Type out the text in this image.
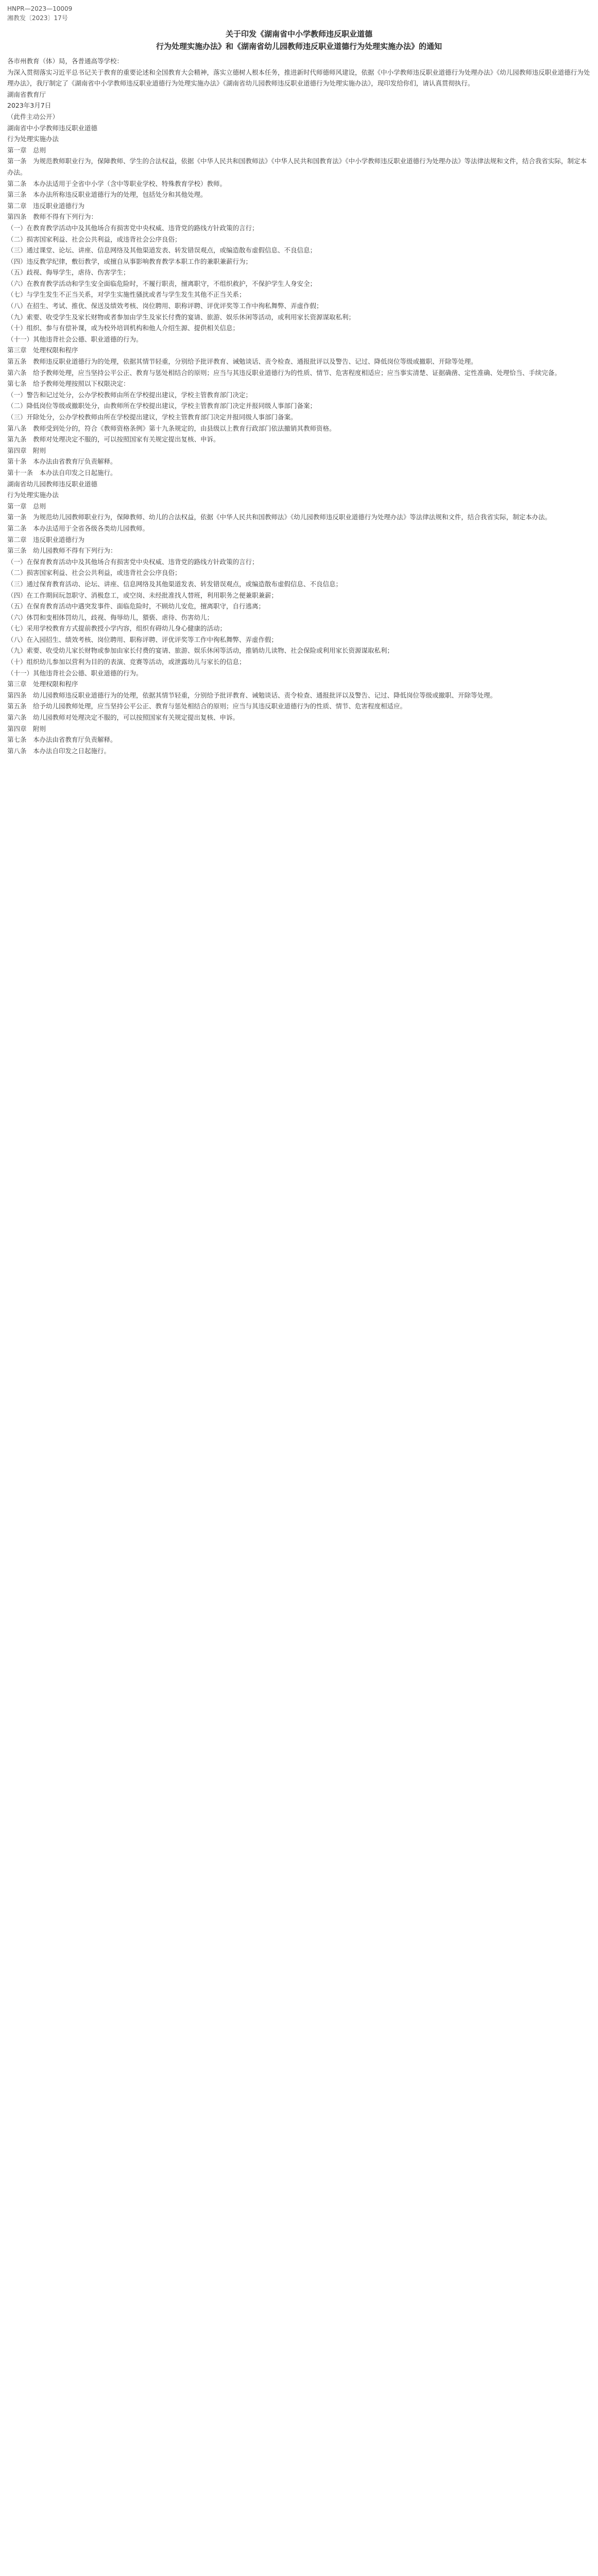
HNPR—2023—10009
湘教发〔2023〕17号
关于印发《湖南省中小学教师违反职业道德
行为处理实施办法》和《湖南省幼儿园教师违反职业道德行为处理实施办法》的通知
各市州教育（体）局，各普通高等学校：
为深入贯彻落实习近平总书记关于教育的重要论述和全国教育大会精神，落实立德树人根本任务，推进新时代师德师风建设，依据《中小学教师违反职业道德行为处理办法》《幼儿园教师违反职业道德行为处理办法》，我厅制定了《湖南省中小学教师违反职业道德行为处理实施办法》《湖南省幼儿园教师违反职业道德行为处理实施办法》，现印发给你们，请认真贯彻执行。
湖南省教育厅
2023年3月7日
（此件主动公开）
湖南省中小学教师违反职业道德
行为处理实施办法
第一章　总则
第一条　为规范教师职业行为，保障教师、学生的合法权益，依据《中华人民共和国教师法》《中华人民共和国教育法》《中小学教师违反职业道德行为处理办法》等法律法规和文件，结合我省实际，制定本办法。
第二条　本办法适用于全省中小学（含中等职业学校、特殊教育学校）教师。
第三条　本办法所称违反职业道德行为的处理，包括处分和其他处理。
第二章　违反职业道德行为
第四条　教师不得有下列行为：
（一）在教育教学活动中及其他场合有损害党中央权威、违背党的路线方针政策的言行；
（二）损害国家利益、社会公共利益，或违背社会公序良俗；
（三）通过课堂、论坛、讲座、信息网络及其他渠道发表、转发错误观点，或编造散布虚假信息、不良信息；
（四）违反教学纪律，敷衍教学，或擅自从事影响教育教学本职工作的兼职兼薪行为；
（五）歧视、侮辱学生，虐待、伤害学生；
（六）在教育教学活动和学生安全面临危险时，不履行职责，擅离职守，不组织救护，不保护学生人身安全；
（七）与学生发生不正当关系，对学生实施性骚扰或者与学生发生其他不正当关系；
（八）在招生、考试、推优、保送及绩效考核、岗位聘用、职称评聘、评优评奖等工作中徇私舞弊、弄虚作假；
（九）索要、收受学生及家长财物或者参加由学生及家长付费的宴请、旅游、娱乐休闲等活动，或利用家长资源谋取私利；
（十）组织、参与有偿补课，或为校外培训机构和他人介绍生源、提供相关信息；
（十一）其他违背社会公德、职业道德的行为。
第三章　处理权限和程序
第五条　教师违反职业道德行为的处理，依据其情节轻重，分别给予批评教育、诫勉谈话、责令检查、通报批评以及警告、记过、降低岗位等级或撤职、开除等处理。
第六条　给予教师处理，应当坚持公平公正、教育与惩处相结合的原则；应当与其违反职业道德行为的性质、情节、危害程度相适应；应当事实清楚、证据确凿、定性准确、处理恰当、手续完备。
第七条　给予教师处理按照以下权限决定：
（一）警告和记过处分，公办学校教师由所在学校提出建议，学校主管教育部门决定；
（二）降低岗位等级或撤职处分，由教师所在学校提出建议，学校主管教育部门决定并报同级人事部门备案；
（三）开除处分，公办学校教师由所在学校提出建议，学校主管教育部门决定并报同级人事部门备案。
第八条　教师受到处分的，符合《教师资格条例》第十九条规定的，由县级以上教育行政部门依法撤销其教师资格。
第九条　教师对处理决定不服的，可以按照国家有关规定提出复核、申诉。
第四章　附则
第十条　本办法由省教育厅负责解释。
第十一条　本办法自印发之日起施行。
湖南省幼儿园教师违反职业道德
行为处理实施办法
第一章　总则
第一条　为规范幼儿园教师职业行为，保障教师、幼儿的合法权益，依据《中华人民共和国教师法》《幼儿园教师违反职业道德行为处理办法》等法律法规和文件，结合我省实际，制定本办法。
第二条　本办法适用于全省各级各类幼儿园教师。
第二章　违反职业道德行为
第三条　幼儿园教师不得有下列行为：
（一）在保育教育活动中及其他场合有损害党中央权威、违背党的路线方针政策的言行；
（二）损害国家利益、社会公共利益，或违背社会公序良俗；
（三）通过保育教育活动、论坛、讲座、信息网络及其他渠道发表、转发错误观点，或编造散布虚假信息、不良信息；
（四）在工作期间玩忽职守、消极怠工，或空岗、未经批准找人替班，利用职务之便兼职兼薪；
（五）在保育教育活动中遇突发事件、面临危险时，不顾幼儿安危，擅离职守，自行逃离；
（六）体罚和变相体罚幼儿，歧视、侮辱幼儿，猥亵、虐待、伤害幼儿；
（七）采用学校教育方式提前教授小学内容，组织有碍幼儿身心健康的活动；
（八）在入园招生、绩效考核、岗位聘用、职称评聘、评优评奖等工作中徇私舞弊、弄虚作假；
（九）索要、收受幼儿家长财物或参加由家长付费的宴请、旅游、娱乐休闲等活动，推销幼儿读物、社会保险或利用家长资源谋取私利；
（十）组织幼儿参加以营利为目的的表演、竞赛等活动，或泄露幼儿与家长的信息；
（十一）其他违背社会公德、职业道德的行为。
第三章　处理权限和程序
第四条　幼儿园教师违反职业道德行为的处理，依据其情节轻重，分别给予批评教育、诫勉谈话、责令检查、通报批评以及警告、记过、降低岗位等级或撤职、开除等处理。
第五条　给予幼儿园教师处理，应当坚持公平公正、教育与惩处相结合的原则；应当与其违反职业道德行为的性质、情节、危害程度相适应。
第六条　幼儿园教师对处理决定不服的，可以按照国家有关规定提出复核、申诉。
第四章　附则
第七条　本办法由省教育厅负责解释。
第八条　本办法自印发之日起施行。
